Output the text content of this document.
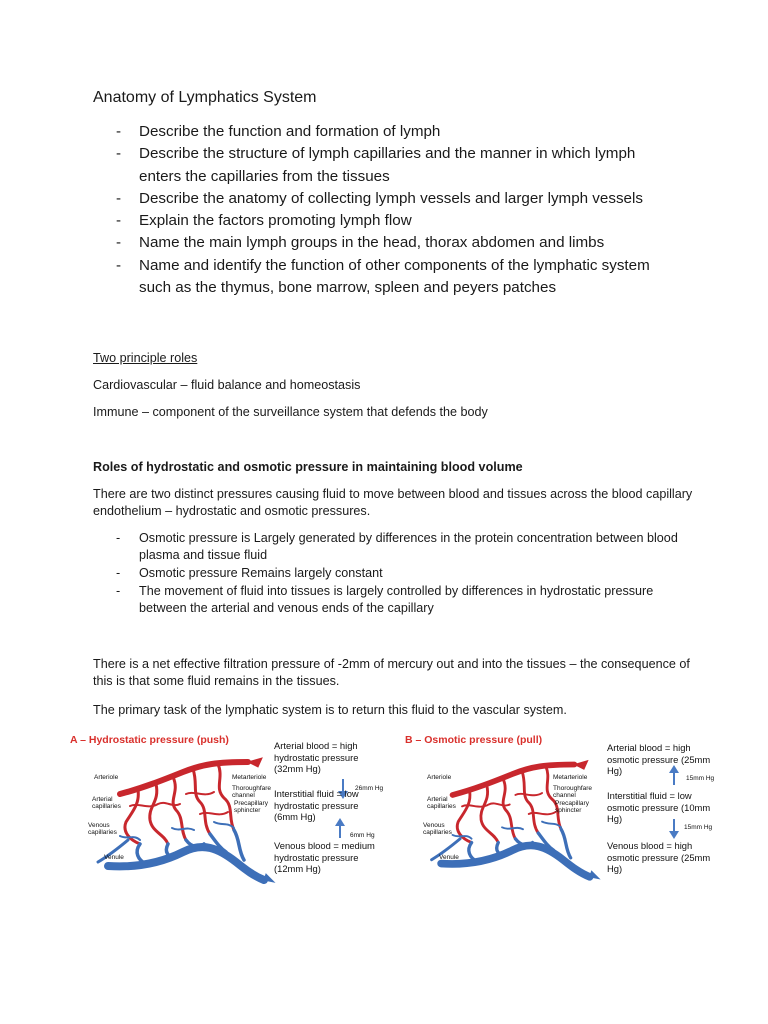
Anatomy of Lymphatics System
- Describe the function and formation of lymph
- Describe the structure of lymph capillaries and the manner in which lymph enters the capillaries from the tissues
- Describe the anatomy of collecting lymph vessels and larger lymph vessels
- Explain the factors promoting lymph flow
- Name the main lymph groups in the head, thorax abdomen and limbs
- Name and identify the function of other components of the lymphatic system such as the thymus, bone marrow, spleen and peyers patches
Two principle roles
Cardiovascular – fluid balance and homeostasis
Immune – component of the surveillance system that defends the body
Roles of hydrostatic and osmotic pressure in maintaining blood volume
There are two distinct pressures causing fluid to move between blood and tissues across the blood capillary endothelium – hydrostatic and osmotic pressures.
- Osmotic pressure is Largely generated by differences in the protein concentration between blood plasma and tissue fluid
- Osmotic pressure Remains largely constant
- The movement of fluid into tissues is largely controlled by differences in hydrostatic pressure between the arterial and venous ends of the capillary
There is a net effective filtration pressure of -2mm of mercury out and into the tissues – the consequence of this is that some fluid remains in the tissues.
The primary task of the lymphatic system is to return this fluid to the vascular system.
A – Hydrostatic pressure (push)
Arteriole	Metarteriole
Thoroughfare channel
Precapillary sphincter
Arterial capillaries
Venous capillaries
Venule
Arterial blood = high hydrostatic pressure (32mm Hg)
26mm Hg
Interstitial fluid = low hydrostatic pressure (6mm Hg)
6mm Hg
Venous blood = medium hydrostatic pressure (12mm Hg)
B – Osmotic pressure (pull)
Arteriole	Metarteriole
Thoroughfare channel
Precapillary sphincter
Arterial capillaries
Venous capillaries
Venule
Arterial blood = high osmotic pressure (25mm Hg)
15mm Hg
Interstitial fluid = low osmotic pressure (10mm Hg)
15mm Hg
Venous blood = high osmotic pressure (25mm Hg)
